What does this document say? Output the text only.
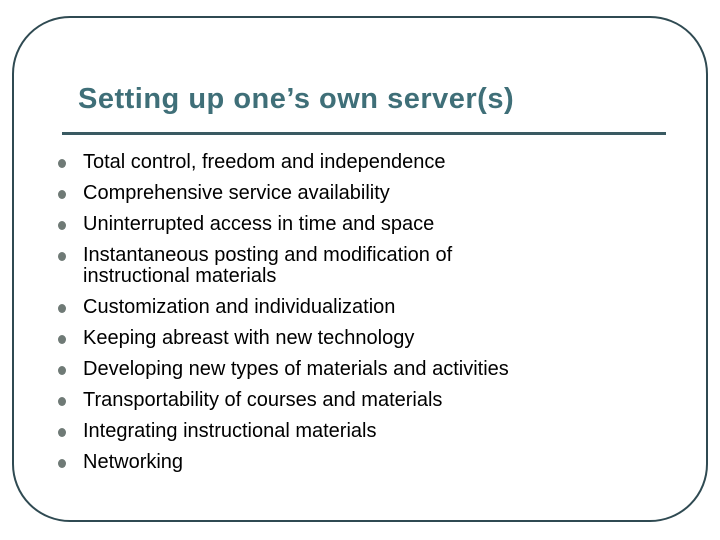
Setting up one’s own server(s)
Total control, freedom and independence
Comprehensive service availability
Uninterrupted access in time and space
Instantaneous posting and modification of
instructional materials
Customization and individualization
Keeping abreast with new technology
Developing new types of materials and activities
Transportability of courses and materials
Integrating instructional materials
Networking
